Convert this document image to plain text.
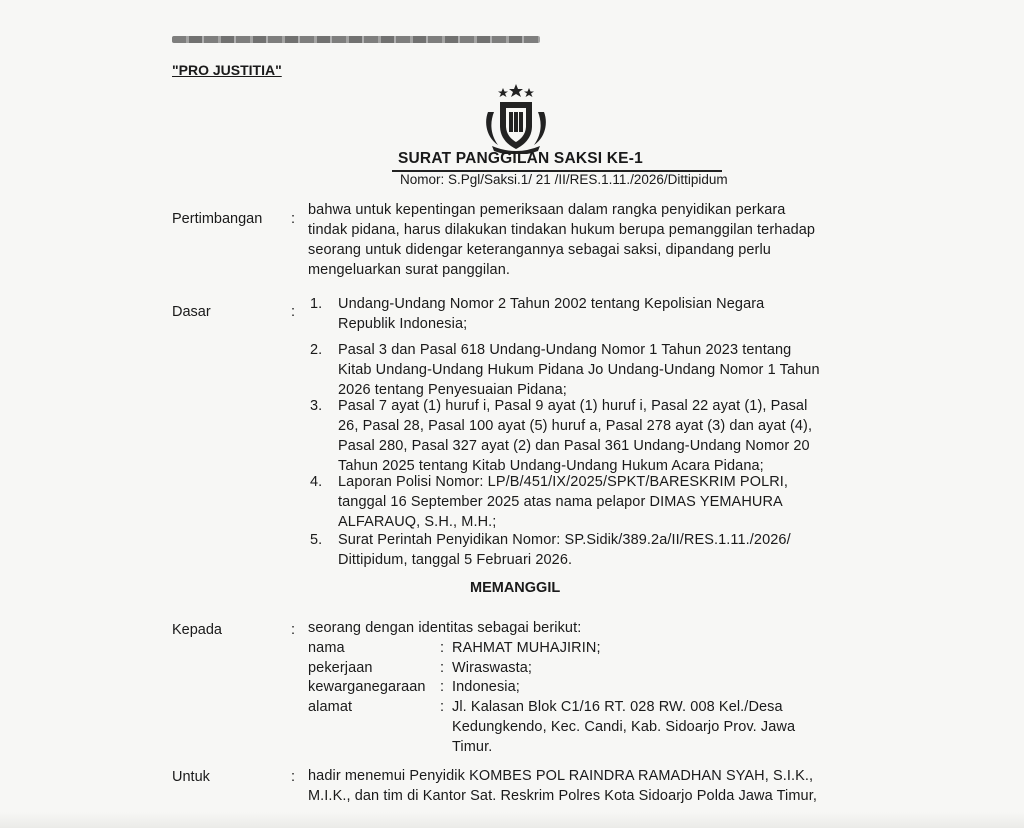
"PRO JUSTITIA"
SURAT PANGGILAN SAKSI KE-1
Nomor: S.Pgl/Saksi.1/ 21 /II/RES.1.11./2026/Dittipidum
Pertimbangan :
bahwa untuk kepentingan pemeriksaan dalam rangka penyidikan perkara
tindak pidana, harus dilakukan tindakan hukum berupa pemanggilan terhadap
seorang untuk didengar keterangannya sebagai saksi, dipandang perlu
mengeluarkan surat panggilan.
Dasar	: 1. Undang-Undang Nomor 2 Tahun 2002 tentang Kepolisian Negara
Republik Indonesia;
2. Pasal 3 dan Pasal 618 Undang-Undang Nomor 1 Tahun 2023 tentang
Kitab Undang-Undang Hukum Pidana Jo Undang-Undang Nomor 1 Tahun
2026 tentang Penyesuaian Pidana;
3. Pasal 7 ayat (1) huruf i, Pasal 9 ayat (1) huruf i, Pasal 22 ayat (1), Pasal
26, Pasal 28, Pasal 100 ayat (5) huruf a, Pasal 278 ayat (3) dan ayat (4),
Pasal 280, Pasal 327 ayat (2) dan Pasal 361 Undang-Undang Nomor 20
Tahun 2025 tentang Kitab Undang-Undang Hukum Acara Pidana;
4. Laporan Polisi Nomor: LP/B/451/IX/2025/SPKT/BARESKRIM POLRI,
tanggal 16 September 2025 atas nama pelapor DIMAS YEMAHURA
ALFARAUQ, S.H., M.H.;
5. Surat Perintah Penyidikan Nomor: SP.Sidik/389.2a/II/RES.1.11./2026/
Dittipidum, tanggal 5 Februari 2026.
MEMANGGIL
Kepada	: seorang dengan identitas sebagai berikut:
nama	: RAHMAT MUHAJIRIN;
pekerjaan	: Wiraswasta;
kewarganegaraan : Indonesia;
alamat	: Jl. Kalasan Blok C1/16 RT. 028 RW. 008 Kel./Desa
Kedungkendo, Kec. Candi, Kab. Sidoarjo Prov. Jawa
Timur.
Untuk	: hadir menemui Penyidik KOMBES POL RAINDRA RAMADHAN SYAH, S.I.K.,
M.I.K., dan tim di Kantor Sat. Reskrim Polres Kota Sidoarjo Polda Jawa Timur,
